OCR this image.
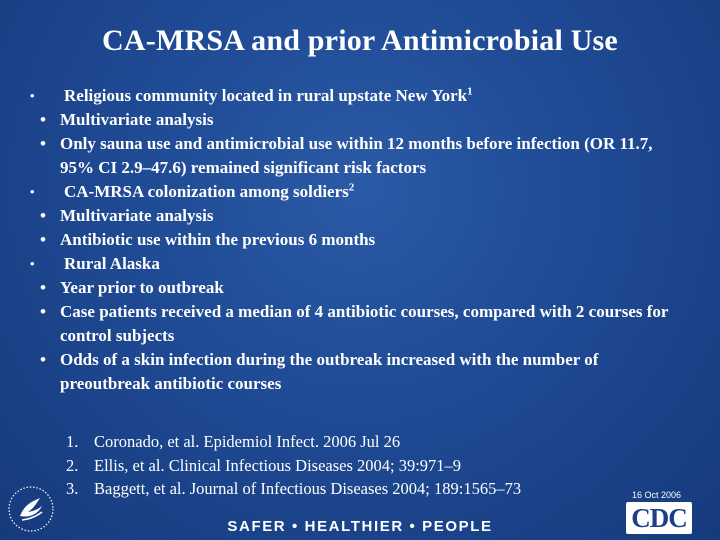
CA-MRSA and prior Antimicrobial Use
• Religious community located in rural upstate New York$^1$
• Multivariate analysis
• Only sauna use and antimicrobial use within 12 months before infection (OR 11.7, 95% CI 2.9–47.6) remained significant risk factors
• CA-MRSA colonization among soldiers$^2$
• Multivariate analysis
• Antibiotic use within the previous 6 months
• Rural Alaska
• Year prior to outbreak
• Case patients received a median of 4 antibiotic courses, compared with 2 courses for control subjects
• Odds of a skin infection during the outbreak increased with the number of preoutbreak antibiotic courses
1. Coronado, et al. Epidemiol Infect. 2006 Jul 26
2. Ellis, et al. Clinical Infectious Diseases 2004; 39:971–9
3. Baggett, et al. Journal of Infectious Diseases 2004; 189:1565–73	16 Oct 2006
CDC
SAFER • HEALTHIER • PEOPLE
